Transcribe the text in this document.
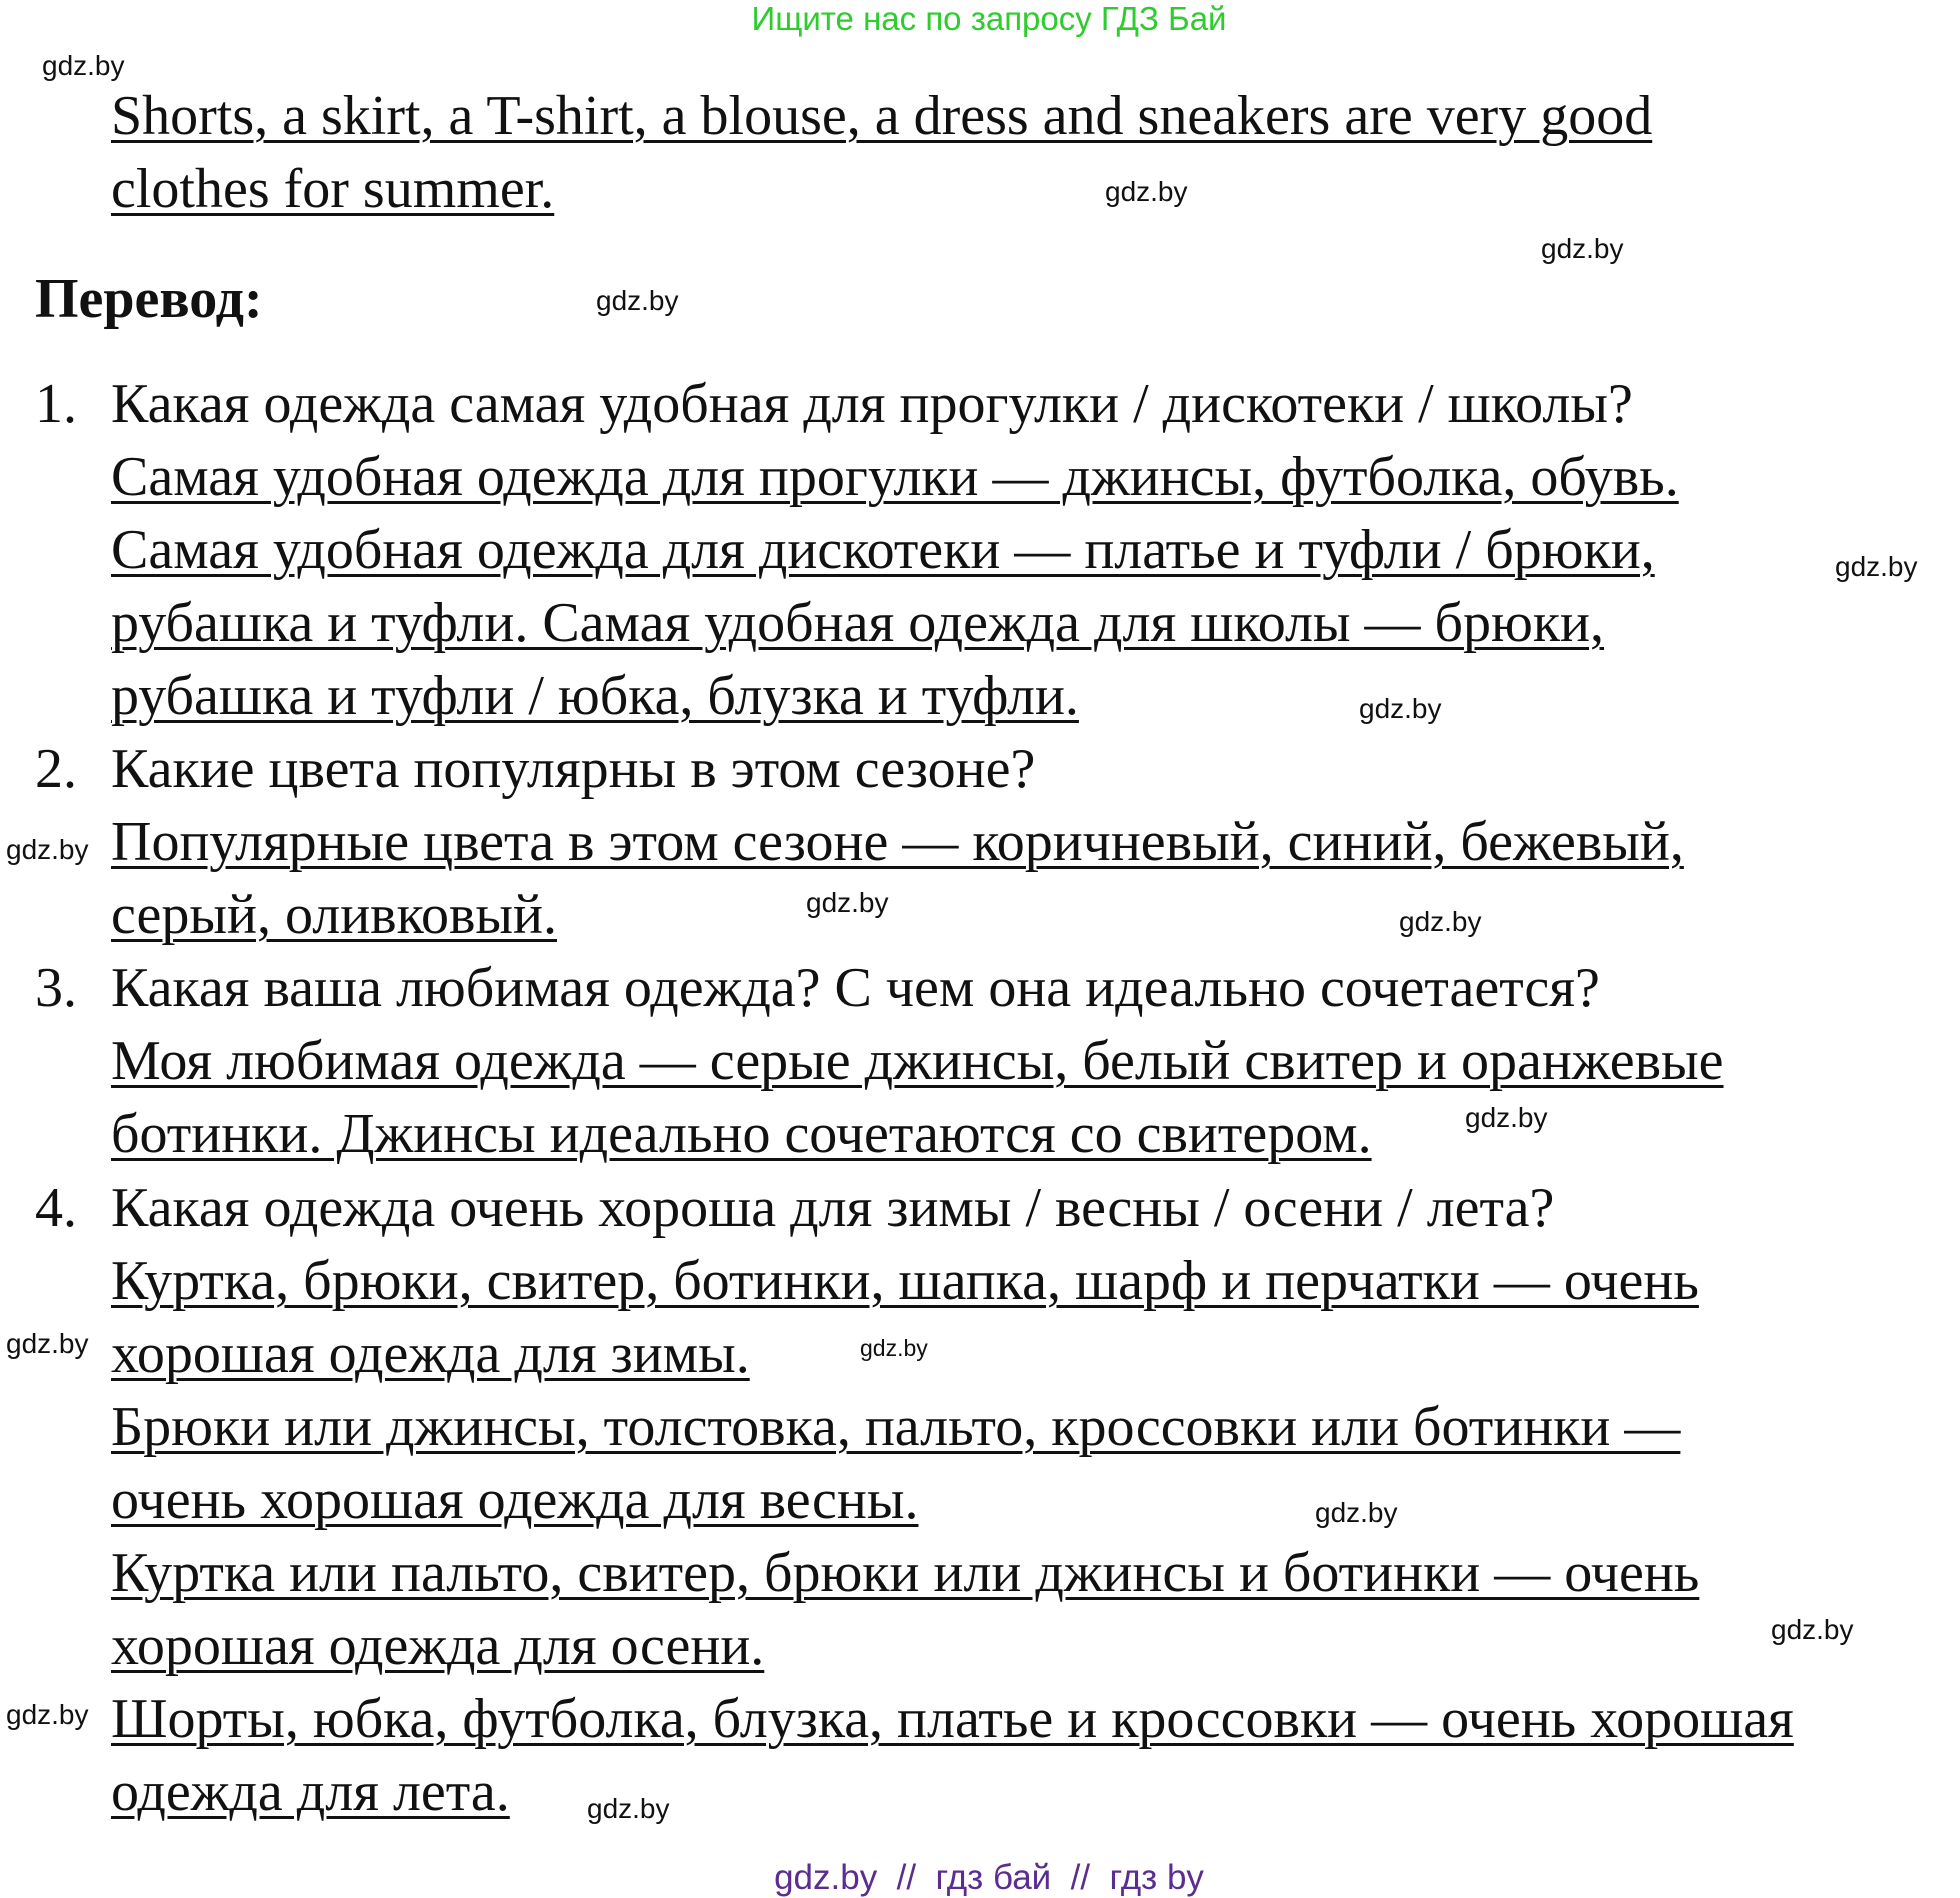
Ищите нас по запросу ГДЗ Бай
Shorts, a skirt, a T-shirt, a blouse, a dress and sneakers are very good
clothes for summer.
Перевод:
1. Какая одежда самая удобная для прогулки / дискотеки / школы?
Самая удобная одежда для прогулки — джинсы, футболка, обувь.
Самая удобная одежда для дискотеки — платье и туфли / брюки,
рубашка и туфли. Самая удобная одежда для школы — брюки,
рубашка и туфли / юбка, блузка и туфли.
2. Какие цвета популярны в этом сезоне?
Популярные цвета в этом сезоне — коричневый, синий, бежевый,
серый, оливковый.
3. Какая ваша любимая одежда? С чем она идеально сочетается?
Моя любимая одежда — серые джинсы, белый свитер и оранжевые
ботинки. Джинсы идеально сочетаются со свитером.
4. Какая одежда очень хороша для зимы / весны / осени / лета?
Куртка, брюки, свитер, ботинки, шапка, шарф и перчатки — очень
хорошая одежда для зимы.
Брюки или джинсы, толстовка, пальто, кроссовки или ботинки —
очень хорошая одежда для весны.
Куртка или пальто, свитер, брюки или джинсы и ботинки — очень
хорошая одежда для осени.
Шорты, юбка, футболка, блузка, платье и кроссовки — очень хорошая
одежда для лета.
gdz.by
gdz.by
gdz.by
gdz.by
gdz.by
gdz.by
gdz.by
gdz.by
gdz.by
gdz.by
gdz.by
gdz.by
gdz.by
gdz.by
gdz.by
gdz.by
gdz.by  //  гдз бай  //  гдз by
